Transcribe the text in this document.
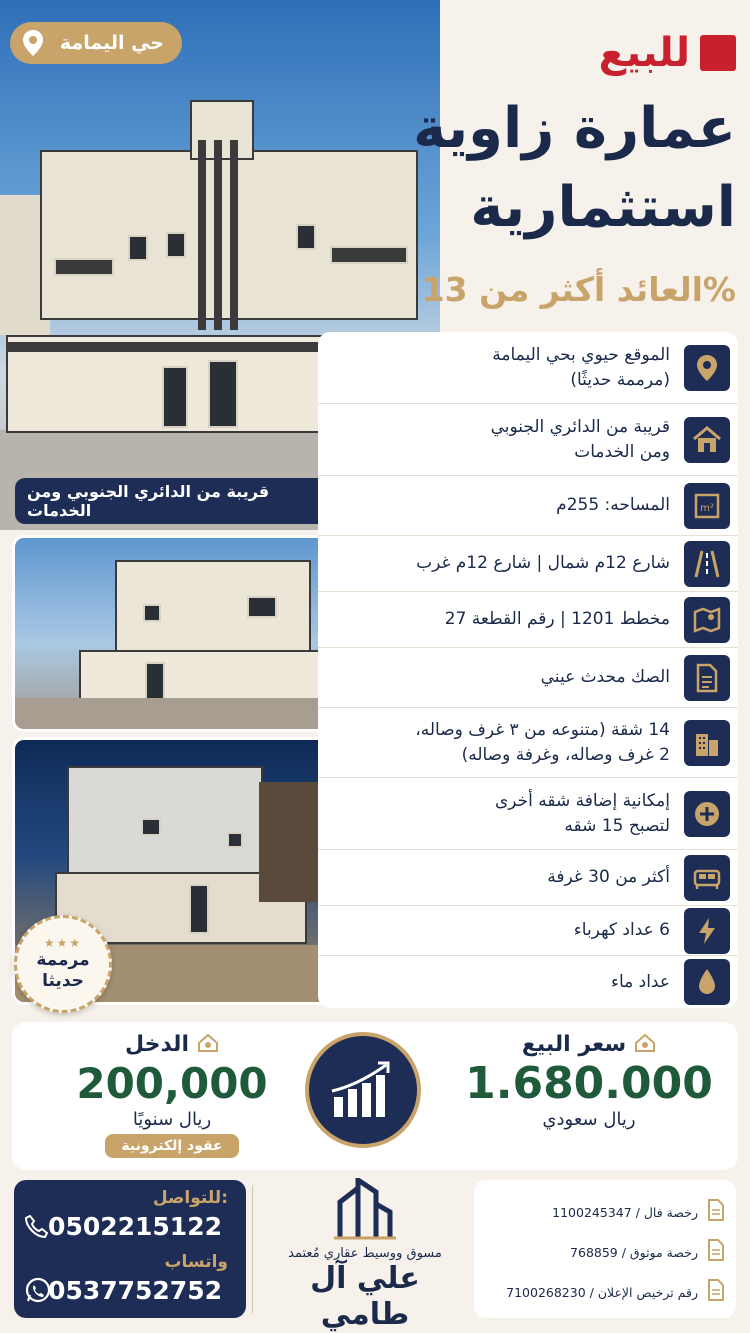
حي اليمامة
قريبة من الدائري الجنوبي ومن الخدمات
★★★
مرممة
حديثا
للبيع
عمارة زاوية
استثمارية
العائد أكثر من 13%
الموقع حيوي بحي اليمامة
(مرممة حديثًا)
قريبة من الدائري الجنوبي
ومن الخدمات
m²
المساحه: 255م
شارع 12م شمال | شارع 12م غرب
مخطط 1201 | رقم القطعة 27
الصك محدث عيني
14 شقة (متنوعه من ٣ غرف وصاله،
2 غرف وصاله، وغرفة وصاله)
إمكانية إضافة شقه أخرى
لتصبح 15 شقه
أكثر من 30 غرفة
6 عداد كهرباء
عداد ماء
سعر البيع
1.680.000
ريال سعودي
الدخل
200,000
ريال سنويًا
عقود إلكترونية
للتواصل:
0502215122
واتساب
0537752752
مسوق ووسيط عقاري مُعتمد
علي آل طامي
رخصة فال / 1100245347
رخصة موثوق / 768859
رقم ترخيص الإعلان / 7100268230
